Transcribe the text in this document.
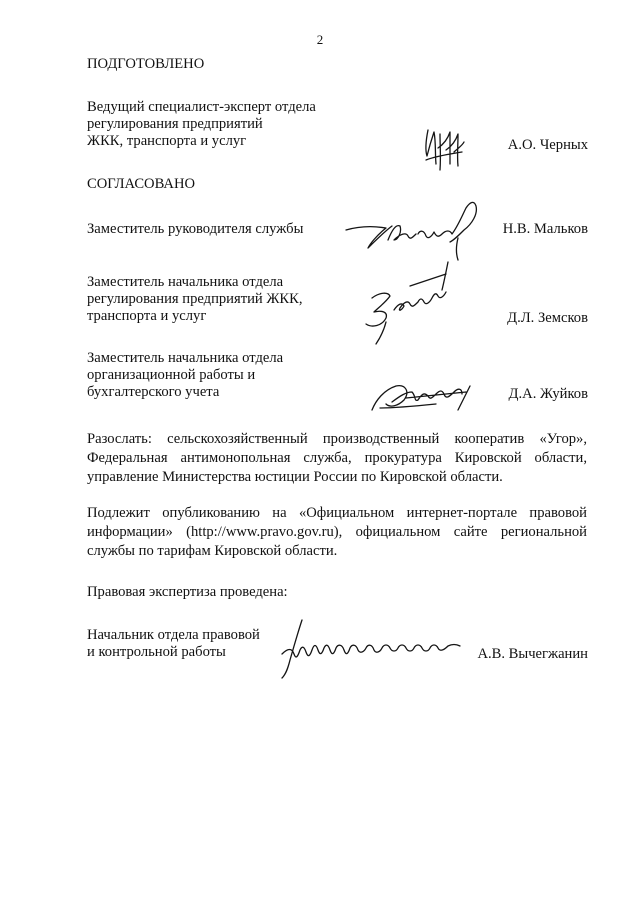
2
ПОДГОТОВЛЕНО
Ведущий специалист-эксперт отдела
регулирования предприятий
ЖКК, транспорта и услуг	А.О. Черных
СОГЛАСОВАНО
Заместитель руководителя службы	Н.В. Мальков
Заместитель начальника отдела
регулирования предприятий ЖКК,
транспорта и услуг	Д.Л. Земсков
Заместитель начальника отдела
организационной работы и
бухгалтерского учета	Д.А. Жуйков
Разослать: сельскохозяйственный производственный кооператив «Угор»,
Федеральная антимонопольная служба, прокуратура Кировской области,
управление Министерства юстиции России по Кировской области.
Подлежит опубликованию на «Официальном интернет-портале правовой
информации» (http://www.pravo.gov.ru), официальном сайте региональной
службы по тарифам Кировской области.
Правовая экспертиза проведена:
Начальник отдела правовой
и контрольной работы	А.В. Вычегжанин
